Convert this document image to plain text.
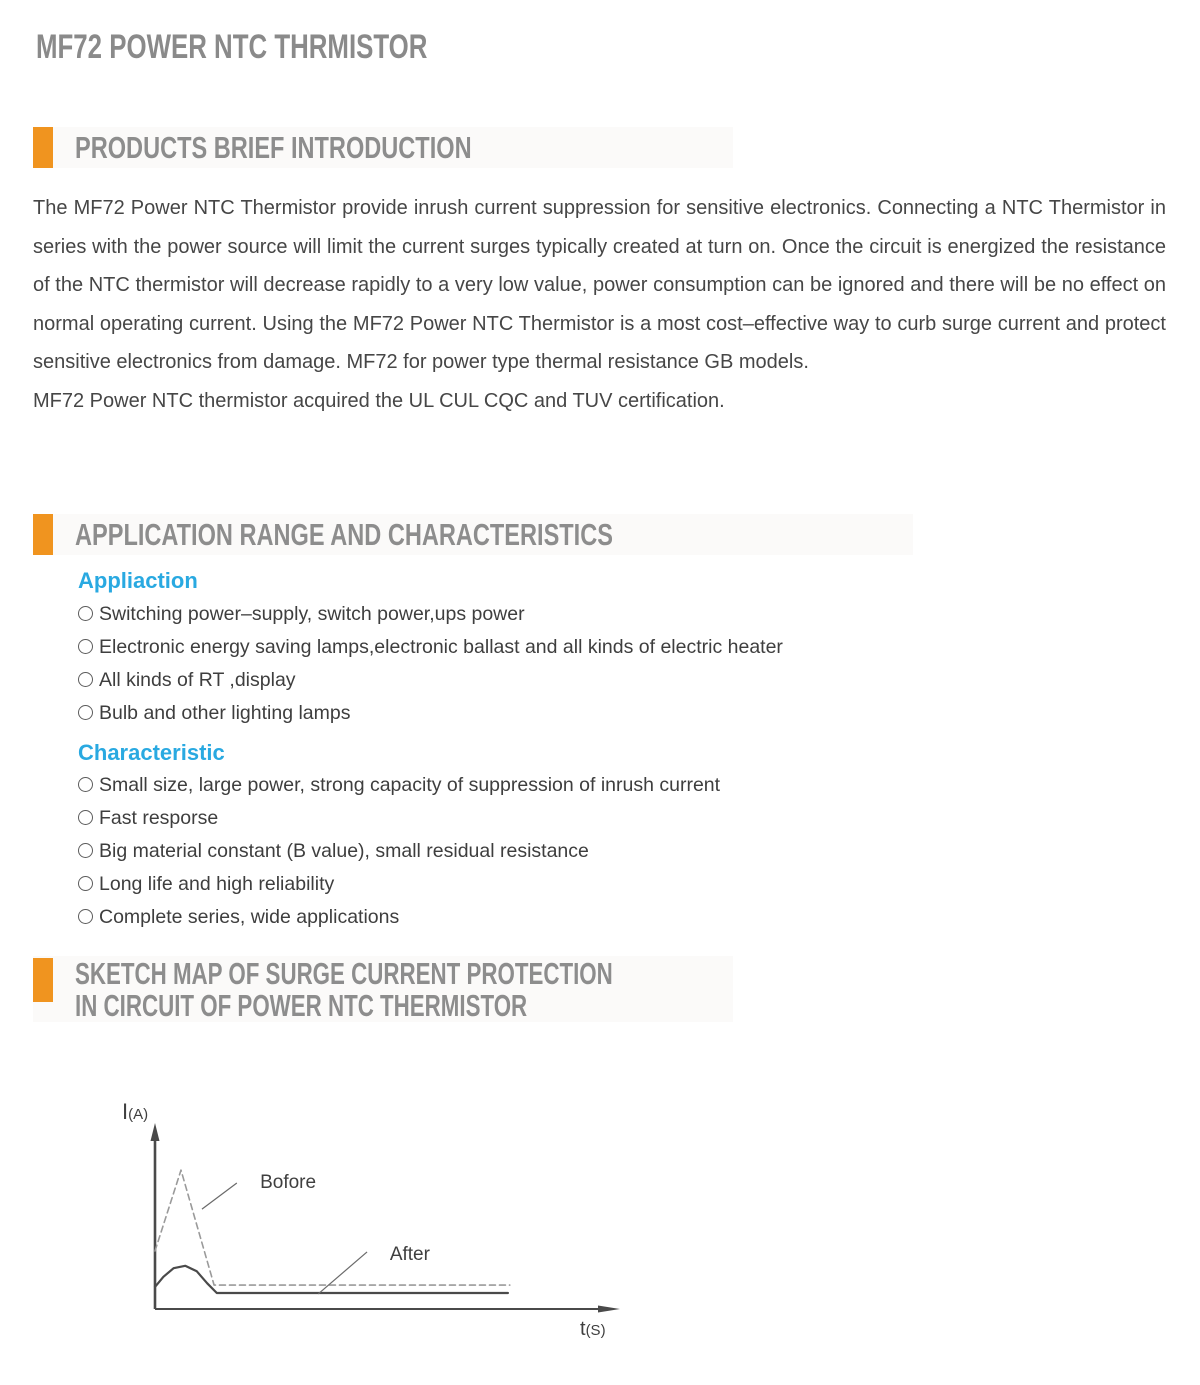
MF72 POWER NTC THRMISTOR
PRODUCTS BRIEF INTRODUCTION

The MF72 Power NTC Thermistor provide inrush current suppression for sensitive electronics. Connecting a NTC Thermistor in series with the power source will limit the current surges typically created at turn on. Once the circuit is energized the resistance of the NTC thermistor will decrease rapidly to a very low value, power consumption can be ignored and there will be no effect on normal operating current. Using the MF72 Power NTC Thermistor is a most cost–effective way to curb surge current and protect sensitive electronics from damage. MF72 for power type thermal resistance GB models.

MF72 Power NTC thermistor acquired the UL CUL CQC and TUV certification.

APPLICATION RANGE AND CHARACTERISTICS
Appliaction
Switching power–supply, switch power,ups power
Electronic energy saving lamps,electronic ballast and all kinds of electric heater
All kinds of RT ,display
Bulb and other lighting lamps
Characteristic
Small size, large power, strong capacity of suppression of inrush current
Fast resporse
Big material constant (B value), small residual resistance
Long life and high reliability
Complete series, wide applications
SKETCH MAP OF SURGE CURRENT PROTECTION
IN CIRCUIT OF POWER NTC THERMISTOR
Bofore
After
I(A)
t(S)
